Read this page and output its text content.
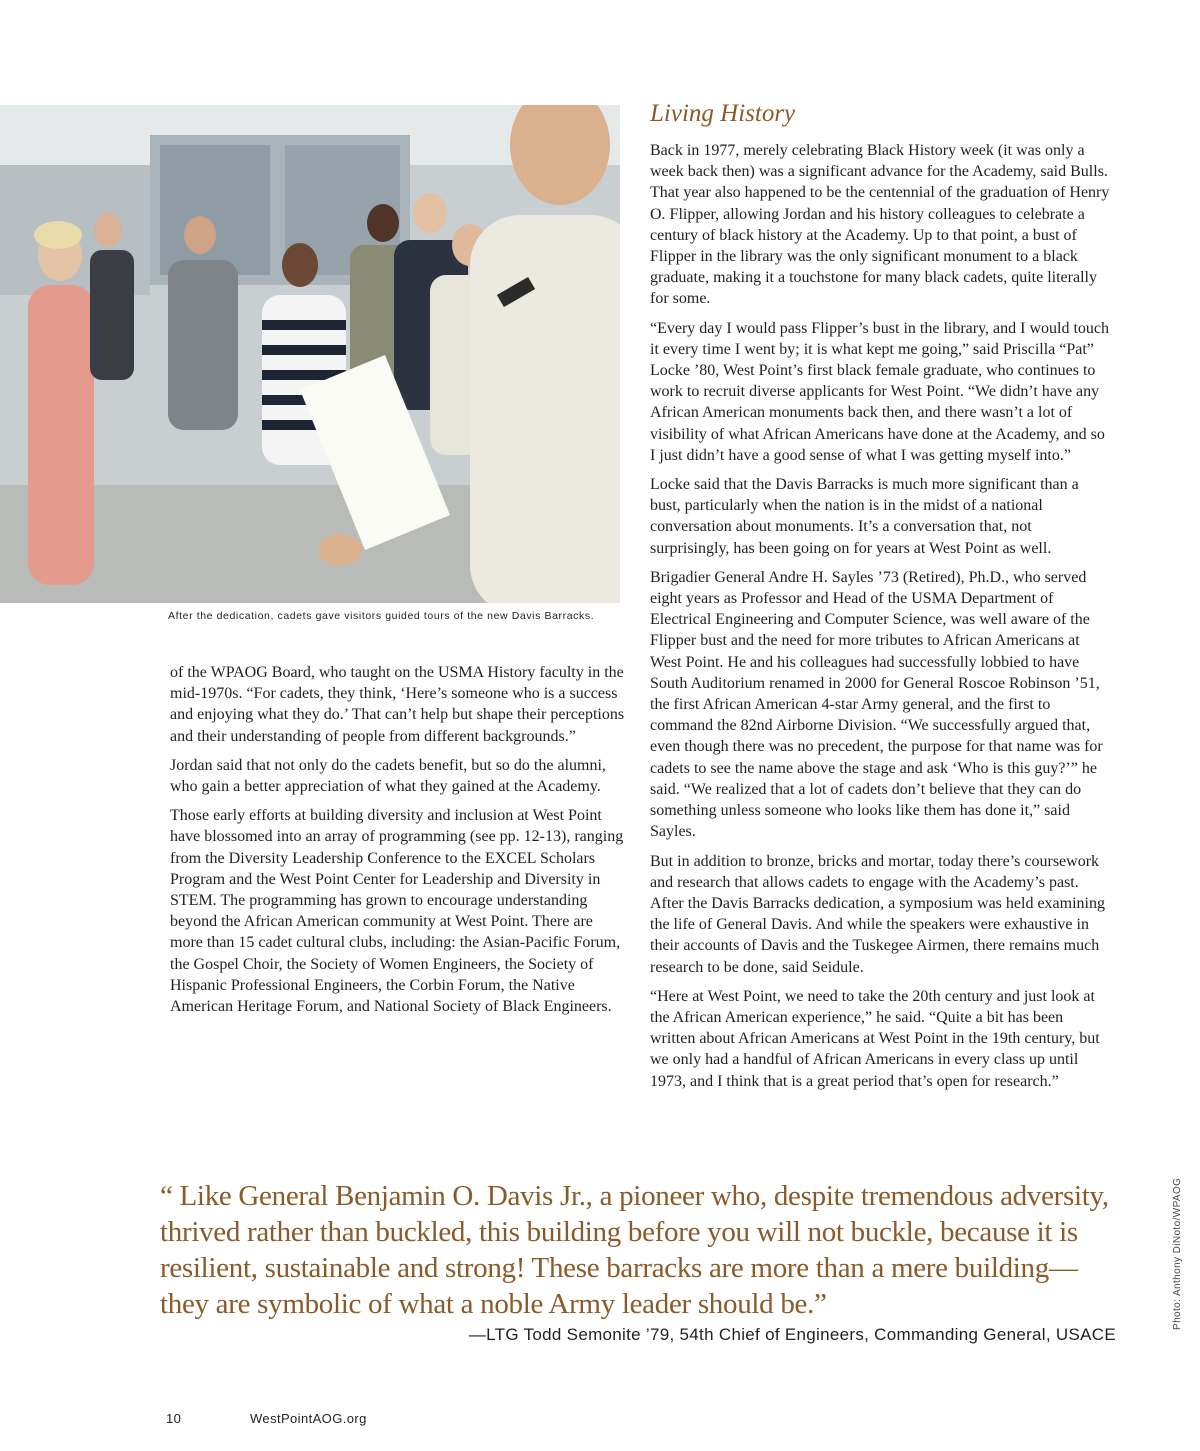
After the dedication, cadets gave visitors guided tours of the new Davis Barracks.

of the WPAOG Board, who taught on the USMA History faculty in the mid-1970s. “For cadets, they think, ‘Here’s someone who is a success and enjoying what they do.’ That can’t help but shape their perceptions and their understanding of people from different backgrounds.”

Jordan said that not only do the cadets benefit, but so do the alumni, who gain a better appreciation of what they gained at the Academy.

Those early efforts at building diversity and inclusion at West Point have blossomed into an array of programming (see pp. 12-13), ranging from the Diversity Leadership Conference to the EXCEL Scholars Program and the West Point Center for Leadership and Diversity in STEM. The programming has grown to encourage understanding beyond the African American community at West Point. There are more than 15 cadet cultural clubs, including: the Asian-Pacific Forum, the Gospel Choir, the Society of Women Engineers, the Society of Hispanic Professional Engineers, the Corbin Forum, the Native American Heritage Forum, and National Society of Black Engineers.

Living History

Back in 1977, merely celebrating Black History week (it was only a week back then) was a significant advance for the Academy, said Bulls. That year also happened to be the centennial of the graduation of Henry O. Flipper, allowing Jordan and his history colleagues to celebrate a century of black history at the Academy. Up to that point, a bust of Flipper in the library was the only significant monument to a black graduate, making it a touchstone for many black cadets, quite literally for some.

“Every day I would pass Flipper’s bust in the library, and I would touch it every time I went by; it is what kept me going,” said Priscilla “Pat” Locke ’80, West Point’s first black female graduate, who continues to work to recruit diverse applicants for West Point. “We didn’t have any African American monuments back then, and there wasn’t a lot of visibility of what African Americans have done at the Academy, and so I just didn’t have a good sense of what I was getting myself into.”

Locke said that the Davis Barracks is much more significant than a bust, particularly when the nation is in the midst of a national conversation about monuments. It’s a conversation that, not surprisingly, has been going on for years at West Point as well.

Brigadier General Andre H. Sayles ’73 (Retired), Ph.D., who served eight years as Professor and Head of the USMA Department of Electrical Engineering and Computer Science, was well aware of the Flipper bust and the need for more tributes to African Americans at West Point. He and his colleagues had successfully lobbied to have South Auditorium renamed in 2000 for General Roscoe Robinson ’51, the first African American 4-star Army general, and the first to command the 82nd Airborne Division. “We successfully argued that, even though there was no precedent, the purpose for that name was for cadets to see the name above the stage and ask ‘Who is this guy?’” he said. “We realized that a lot of cadets don’t believe that they can do something unless someone who looks like them has done it,” said Sayles.

But in addition to bronze, bricks and mortar, today there’s coursework and research that allows cadets to engage with the Academy’s past. After the Davis Barracks dedication, a symposium was held examining the life of General Davis. And while the speakers were exhaustive in their accounts of Davis and the Tuskegee Airmen, there remains much research to be done, said Seidule.

“Here at West Point, we need to take the 20th century and just look at the African American experience,” he said. “Quite a bit has been written about African Americans at West Point in the 19th century, but we only had a handful of African Americans in every class up until 1973, and I think that is a great period that’s open for research.”

“ Like General Benjamin O. Davis Jr., a pioneer who, despite tremendous adversity, thrived rather than buckled, this building before you will not buckle, because it is resilient, sustainable and strong! These barracks are more than a mere building—they are symbolic of what a noble Army leader should be.”

—LTG Todd Semonite ’79, 54th Chief of Engineers, Commanding General, USACE

Photo: Anthony DiNoto/WPAOG

10	WestPointAOG.org
